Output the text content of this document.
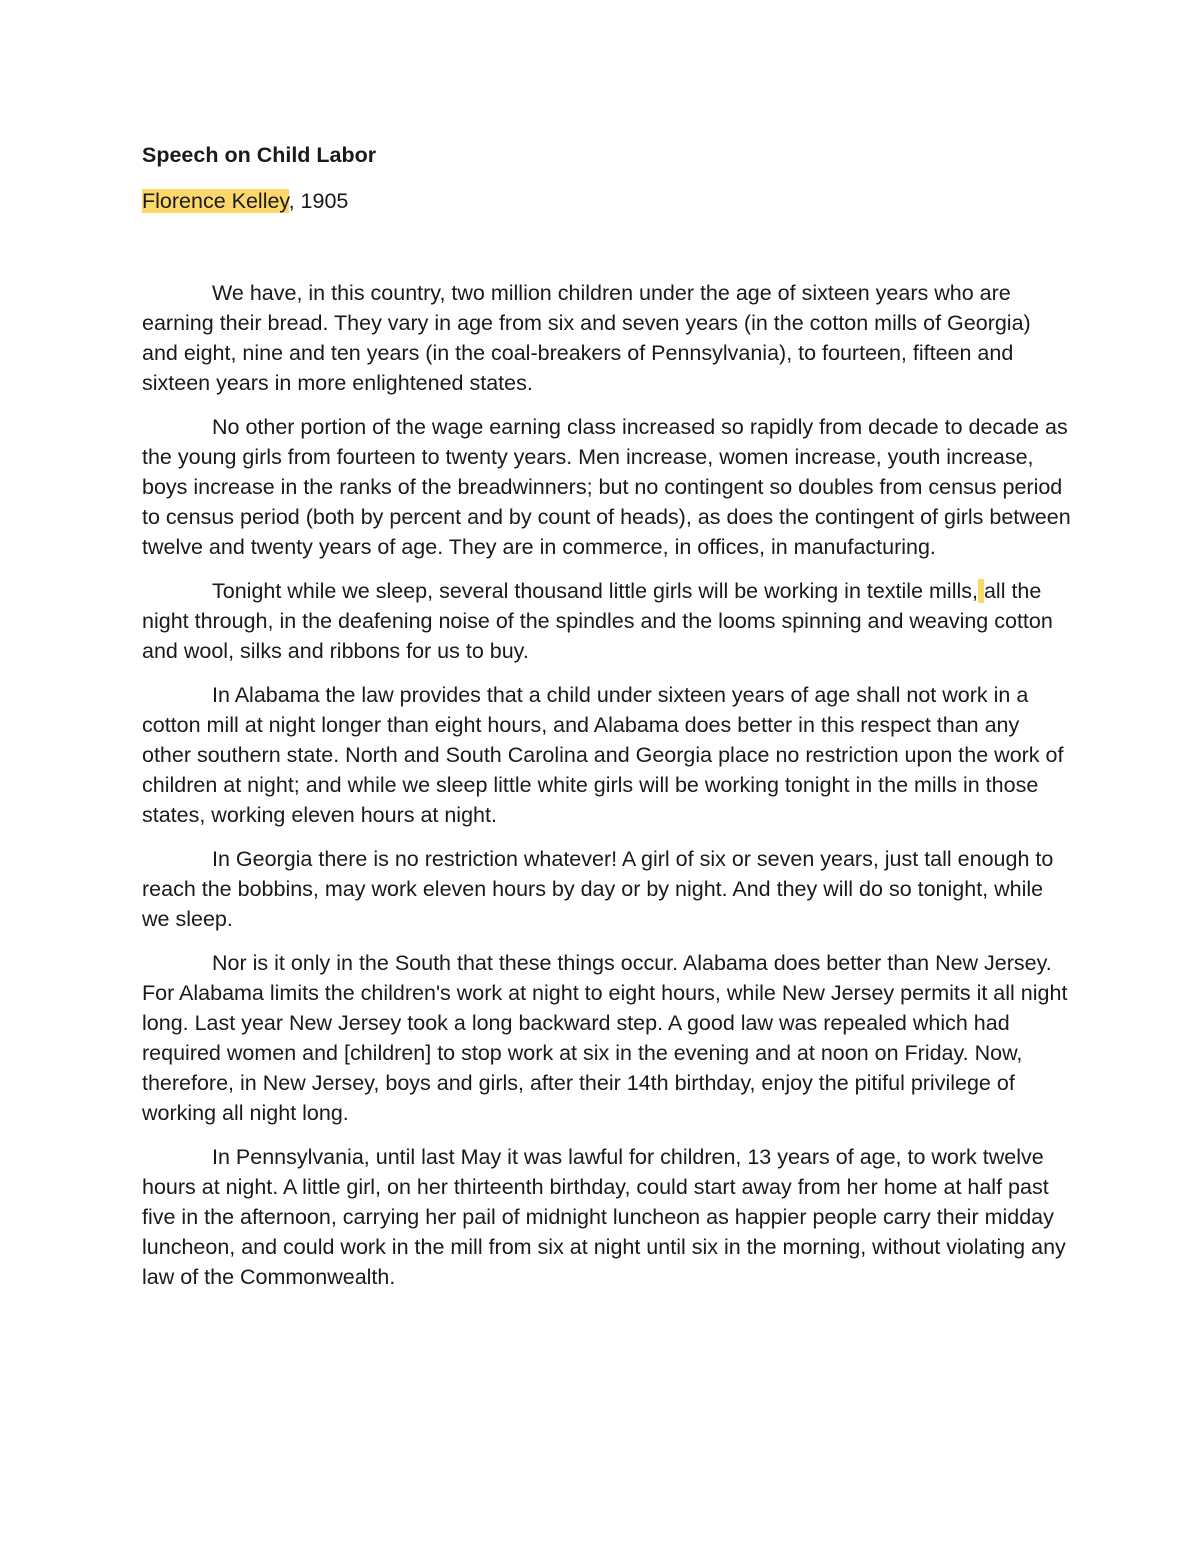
Speech on Child Labor

Florence Kelley, 1905

We have, in this country, two million children under the age of sixteen years who are earning their bread. They vary in age from six and seven years (in the cotton mills of Georgia) and eight, nine and ten years (in the coal-breakers of Pennsylvania), to fourteen, fifteen and sixteen years in more enlightened states.

No other portion of the wage earning class increased so rapidly from decade to decade as the young girls from fourteen to twenty years. Men increase, women increase, youth increase, boys increase in the ranks of the breadwinners; but no contingent so doubles from census period to census period (both by percent and by count of heads), as does the contingent of girls between twelve and twenty years of age. They are in commerce, in offices, in manufacturing.

Tonight while we sleep, several thousand little girls will be working in textile mills, all the night through, in the deafening noise of the spindles and the looms spinning and weaving cotton and wool, silks and ribbons for us to buy.

In Alabama the law provides that a child under sixteen years of age shall not work in a cotton mill at night longer than eight hours, and Alabama does better in this respect than any other southern state. North and South Carolina and Georgia place no restriction upon the work of children at night; and while we sleep little white girls will be working tonight in the mills in those states, working eleven hours at night.

In Georgia there is no restriction whatever! A girl of six or seven years, just tall enough to reach the bobbins, may work eleven hours by day or by night. And they will do so tonight, while we sleep.

Nor is it only in the South that these things occur. Alabama does better than New Jersey. For Alabama limits the children's work at night to eight hours, while New Jersey permits it all night long. Last year New Jersey took a long backward step. A good law was repealed which had required women and [children] to stop work at six in the evening and at noon on Friday. Now, therefore, in New Jersey, boys and girls, after their 14th birthday, enjoy the pitiful privilege of working all night long.

In Pennsylvania, until last May it was lawful for children, 13 years of age, to work twelve hours at night. A little girl, on her thirteenth birthday, could start away from her home at half past five in the afternoon, carrying her pail of midnight luncheon as happier people carry their midday luncheon, and could work in the mill from six at night until six in the morning, without violating any law of the Commonwealth.
